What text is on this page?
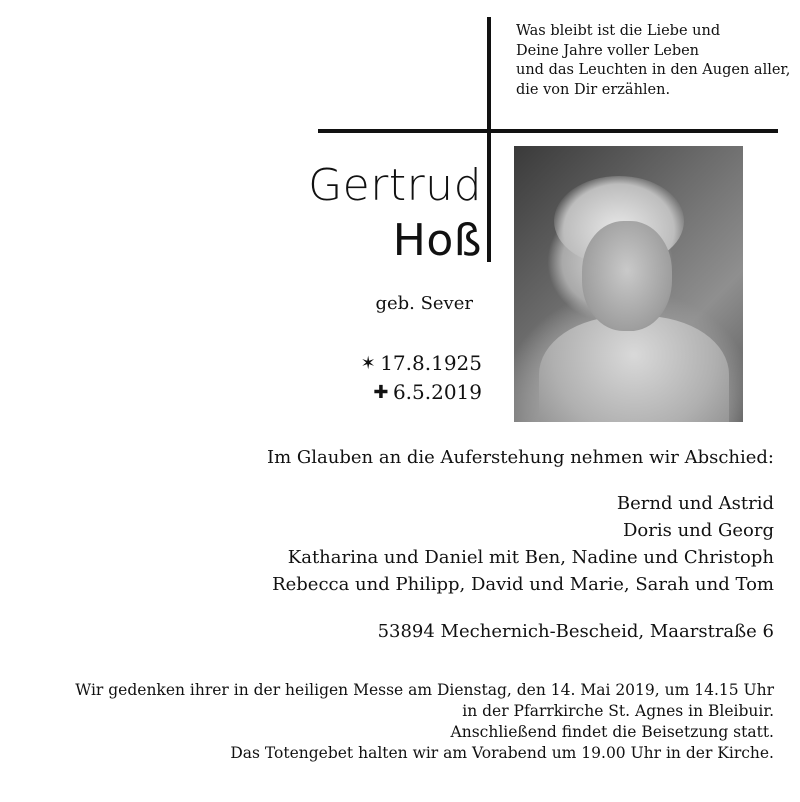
Was bleibt ist die Liebe und
Deine Jahre voller Leben
und das Leuchten in den Augen aller,
die von Dir erzählen.
Gertrud
Hoß
geb. Sever
✶ 17.8.1925
✚ 6.5.2019
Im Glauben an die Auferstehung nehmen wir Abschied:
Bernd und Astrid
Doris und Georg
Katharina und Daniel mit Ben, Nadine und Christoph
Rebecca und Philipp, David und Marie, Sarah und Tom
53894 Mechernich-Bescheid, Maarstraße 6
Wir gedenken ihrer in der heiligen Messe am Dienstag, den 14. Mai 2019, um 14.15 Uhr
in der Pfarrkirche St. Agnes in Bleibuir.
Anschließend findet die Beisetzung statt.
Das Totengebet halten wir am Vorabend um 19.00 Uhr in der Kirche.
